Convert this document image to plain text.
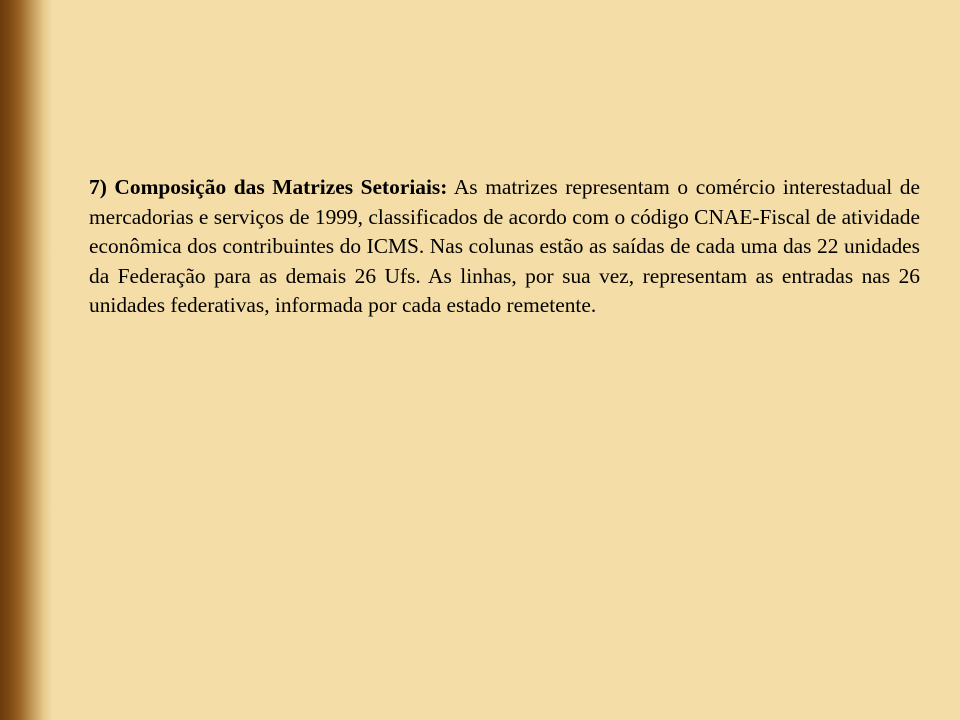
7) Composição das Matrizes Setoriais: As matrizes representam o comércio interestadual de mercadorias e serviços de 1999, classificados de acordo com o código CNAE-Fiscal de atividade econômica dos contribuintes do ICMS. Nas colunas estão as saídas de cada uma das 22 unidades da Federação para as demais 26 Ufs. As linhas, por sua vez, representam as entradas nas 26 unidades federativas, informada por cada estado remetente.
